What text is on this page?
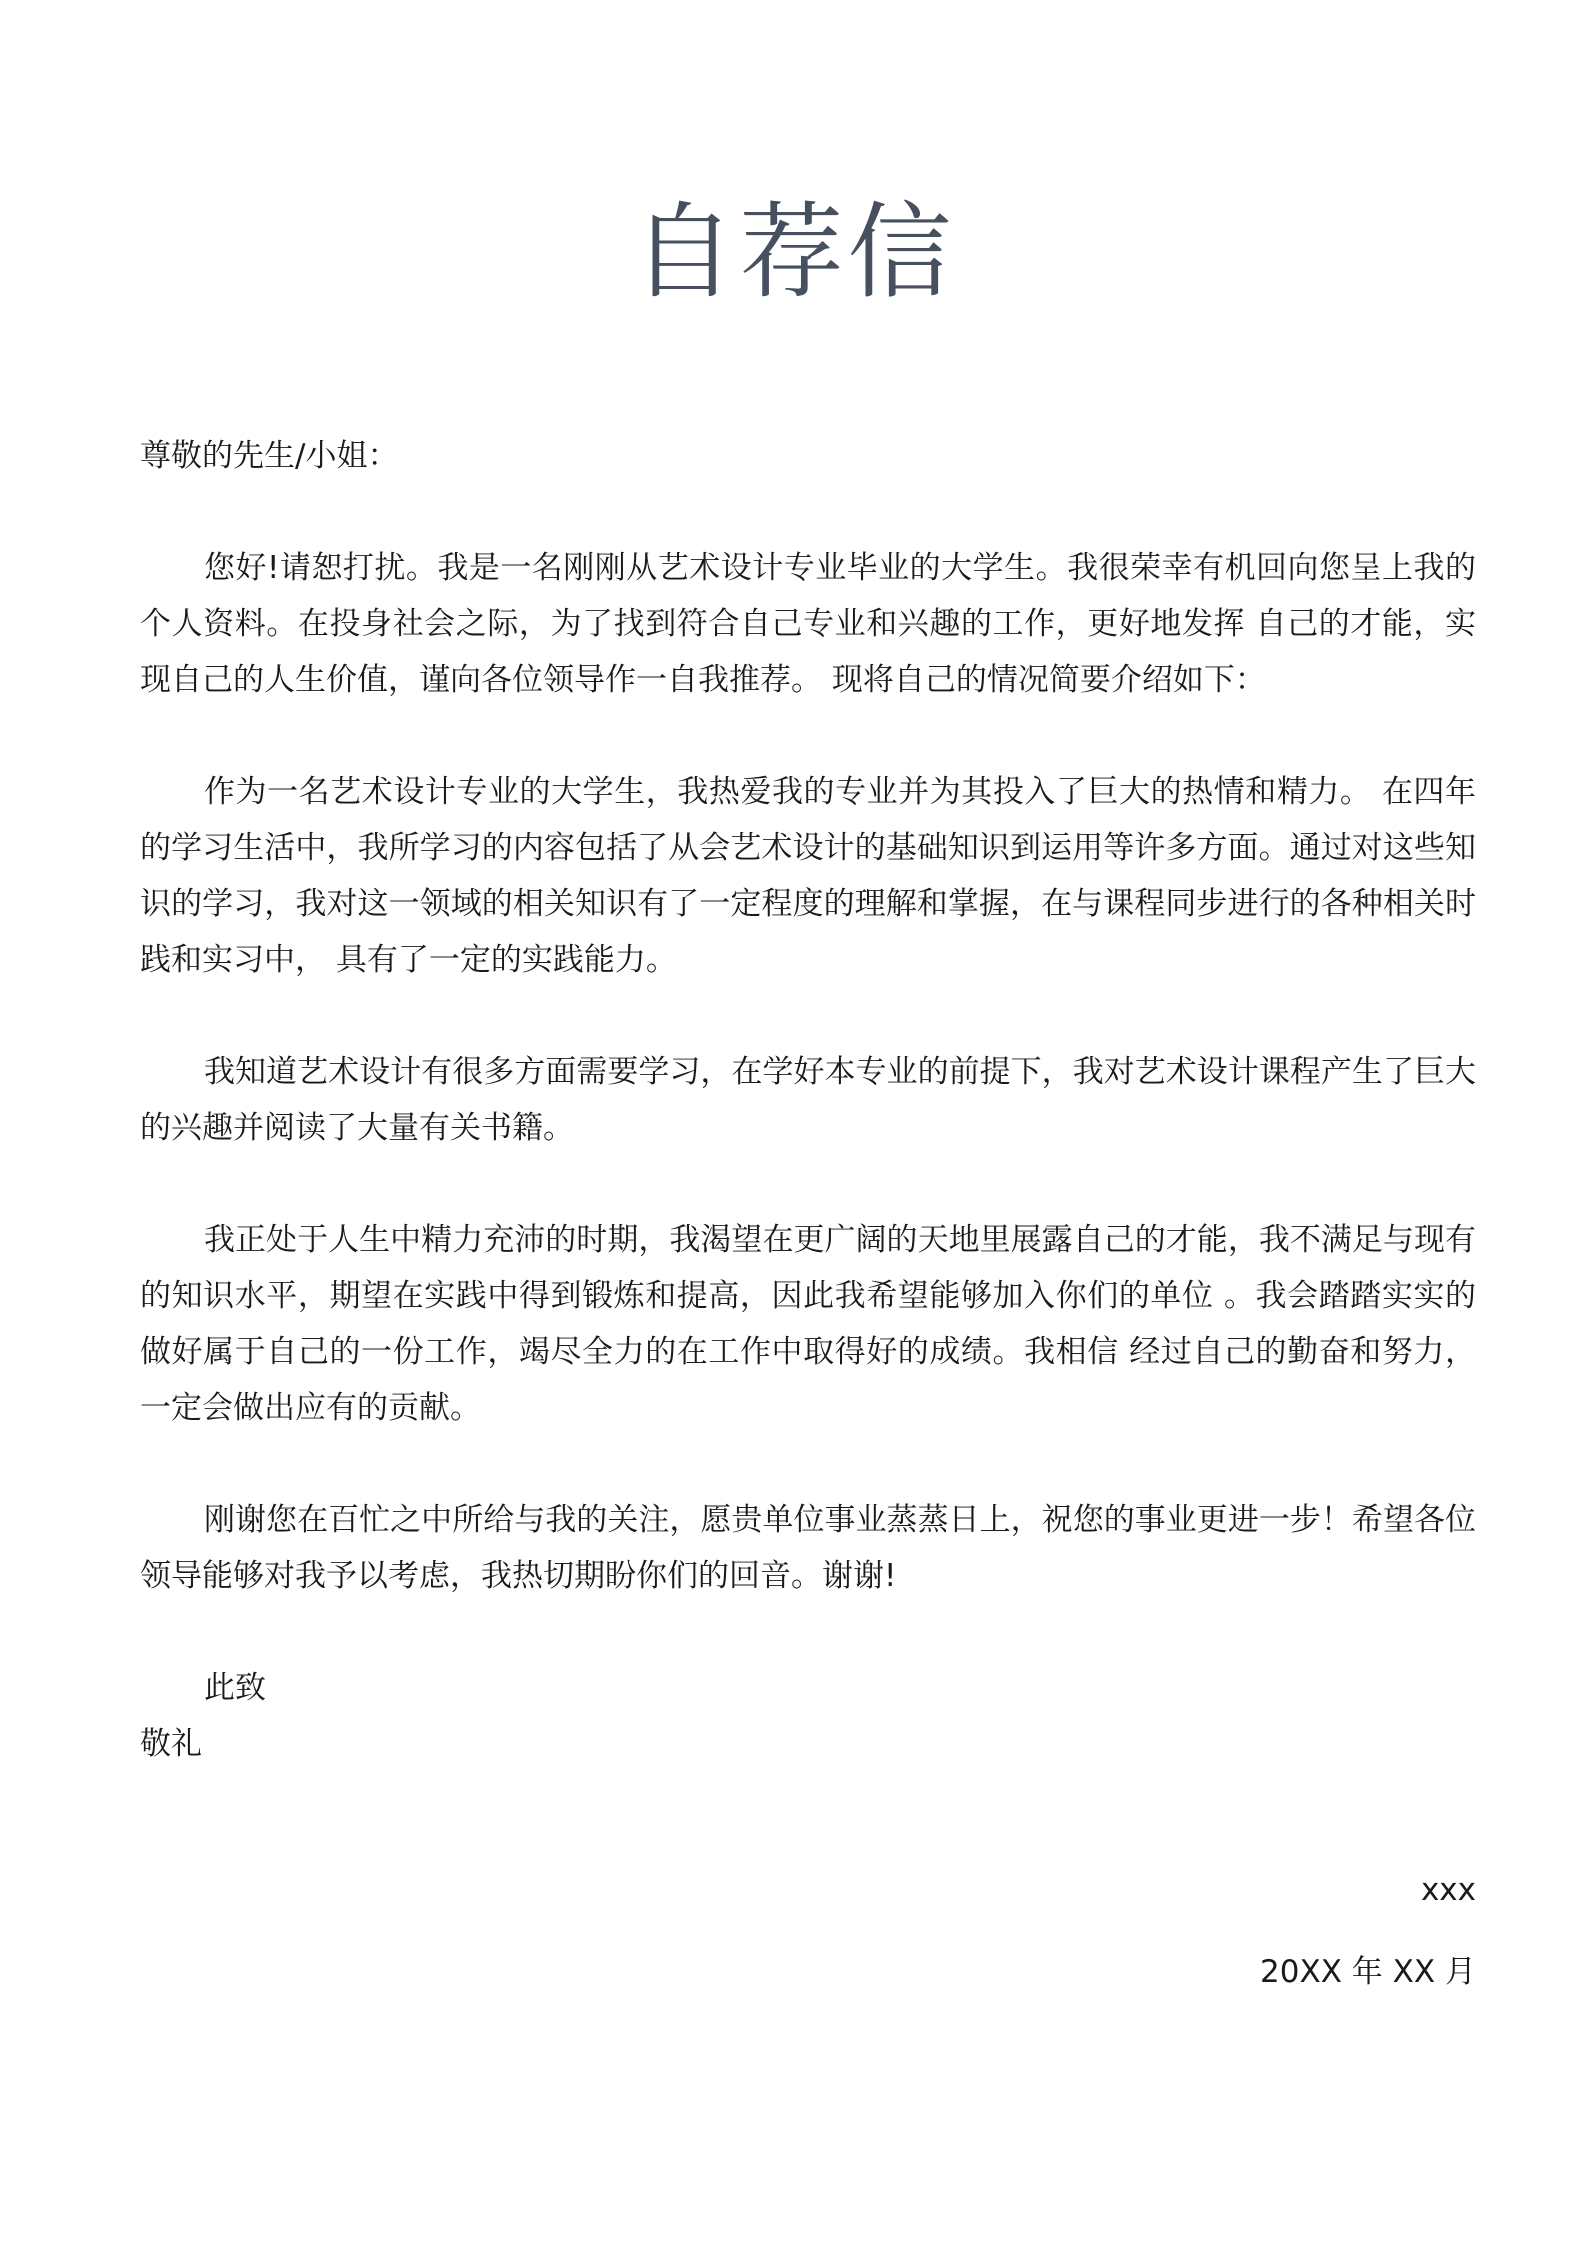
自荐信

尊敬的先生/小姐：

您好!请恕打扰。我是一名刚刚从艺术设计专业毕业的大学生。我很荣幸有机回向您呈上我的个人资料。在投身社会之际，为了找到符合自己专业和兴趣的工作，更好地发挥 自己的才能，实现自己的人生价值，谨向各位领导作一自我推荐。 现将自己的情况简要介绍如下：

作为一名艺术设计专业的大学生，我热爱我的专业并为其投入了巨大的热情和精力。 在四年的学习生活中，我所学习的内容包括了从会艺术设计的基础知识到运用等许多方面。通过对这些知识的学习，我对这一领域的相关知识有了一定程度的理解和掌握，在与课程同步进行的各种相关时践和实习中， 具有了一定的实践能力。

我知道艺术设计有很多方面需要学习，在学好本专业的前提下，我对艺术设计课程产生了巨大的兴趣并阅读了大量有关书籍。

我正处于人生中精力充沛的时期，我渴望在更广阔的天地里展露自己的才能，我不满足与现有的知识水平，期望在实践中得到锻炼和提高，因此我希望能够加入你们的单位 。我会踏踏实实的做好属于自己的一份工作，竭尽全力的在工作中取得好的成绩。我相信 经过自己的勤奋和努力，一定会做出应有的贡献。

刚谢您在百忙之中所给与我的关注，愿贵单位事业蒸蒸日上，祝您的事业更进一步！希望各位领导能够对我予以考虑，我热切期盼你们的回音。谢谢!

此致

敬礼

xxx

20XX 年 XX 月
